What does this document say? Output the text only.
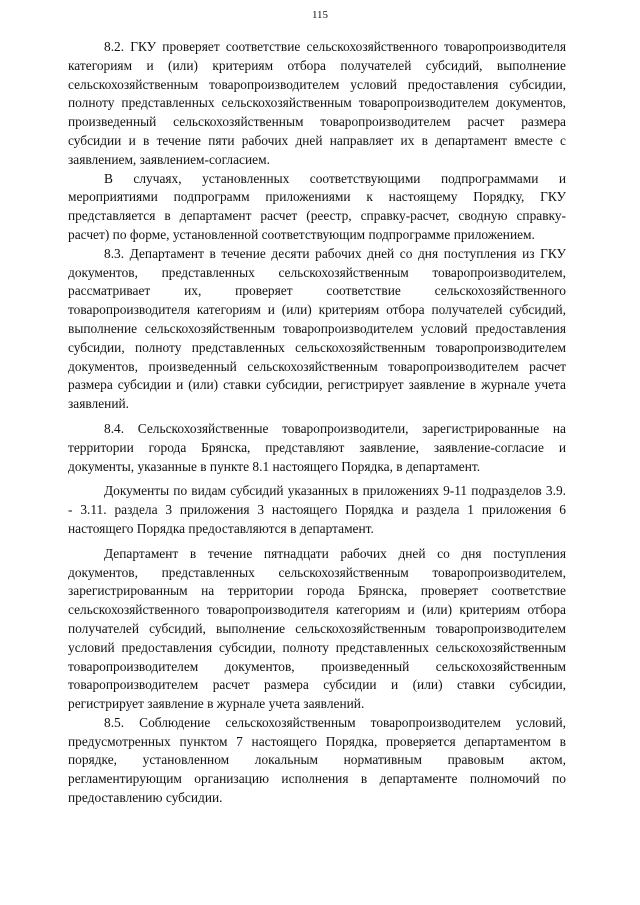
115

8.2. ГКУ проверяет соответствие сельскохозяйственного товаропроизводителя категориям и (или) критериям отбора получателей субсидий, выполнение сельскохозяйственным товаропроизводителем условий предоставления субсидии, полноту представленных сельскохозяйственным товаропроизводителем документов, произведенный сельскохозяйственным товаропроизводителем расчет размера субсидии и в течение пяти рабочих дней направляет их в департамент вместе с заявлением, заявлением-согласием.

В случаях, установленных соответствующими подпрограммами и мероприятиями подпрограмм приложениями к настоящему Порядку, ГКУ представляется в департамент расчет (реестр, справку-расчет, сводную справку-расчет) по форме, установленной соответствующим подпрограмме приложением.

8.3. Департамент в течение десяти рабочих дней со дня поступления из ГКУ документов, представленных сельскохозяйственным товаропроизводителем, рассматривает их, проверяет соответствие сельскохозяйственного товаропроизводителя категориям и (или) критериям отбора получателей субсидий, выполнение сельскохозяйственным товаропроизводителем условий предоставления субсидии, полноту представленных сельскохозяйственным товаропроизводителем документов, произведенный сельскохозяйственным товаропроизводителем расчет размера субсидии и (или) ставки субсидии, регистрирует заявление в журнале учета заявлений.

8.4. Сельскохозяйственные товаропроизводители, зарегистрированные на территории города Брянска, представляют заявление, заявление-согласие и документы, указанные в пункте 8.1 настоящего Порядка, в департамент.

Документы по видам субсидий указанных в приложениях 9-11 подразделов 3.9. - 3.11. раздела 3 приложения 3 настоящего Порядка и раздела 1 приложения 6 настоящего Порядка предоставляются в департамент.

Департамент в течение пятнадцати рабочих дней со дня поступления документов, представленных сельскохозяйственным товаропроизводителем, зарегистрированным на территории города Брянска, проверяет соответствие сельскохозяйственного товаропроизводителя категориям и (или) критериям отбора получателей субсидий, выполнение сельскохозяйственным товаропроизводителем условий предоставления субсидии, полноту представленных сельскохозяйственным товаропроизводителем документов, произведенный сельскохозяйственным товаропроизводителем расчет размера субсидии и (или) ставки субсидии, регистрирует заявление в журнале учета заявлений.

8.5. Соблюдение сельскохозяйственным товаропроизводителем условий, предусмотренных пунктом 7 настоящего Порядка, проверяется департаментом в порядке, установленном локальным нормативным правовым актом, регламентирующим организацию исполнения в департаменте полномочий по предоставлению субсидии.
